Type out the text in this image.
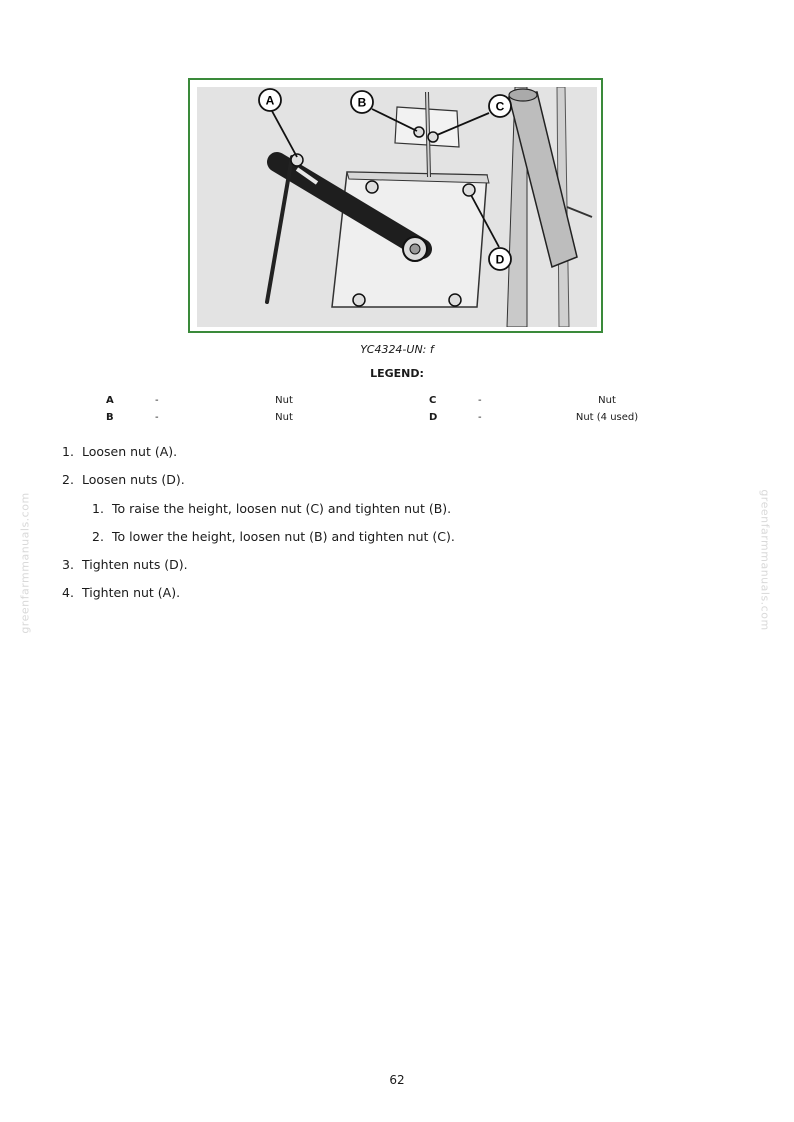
A	B	C
D
YC4324-UN: f
LEGEND:
A	-	Nut	C	-	Nut
B	-	Nut	D	-	Nut (4 used)
1. Loosen nut (A).
2. Loosen nuts (D).
1. To raise the height, loosen nut (C) and tighten nut (B).
2. To lower the height, loosen nut (B) and tighten nut (C).
3. Tighten nuts (D).
4. Tighten nut (A).
greenfarmmanuals.com	greenfarmmanuals.com
62
